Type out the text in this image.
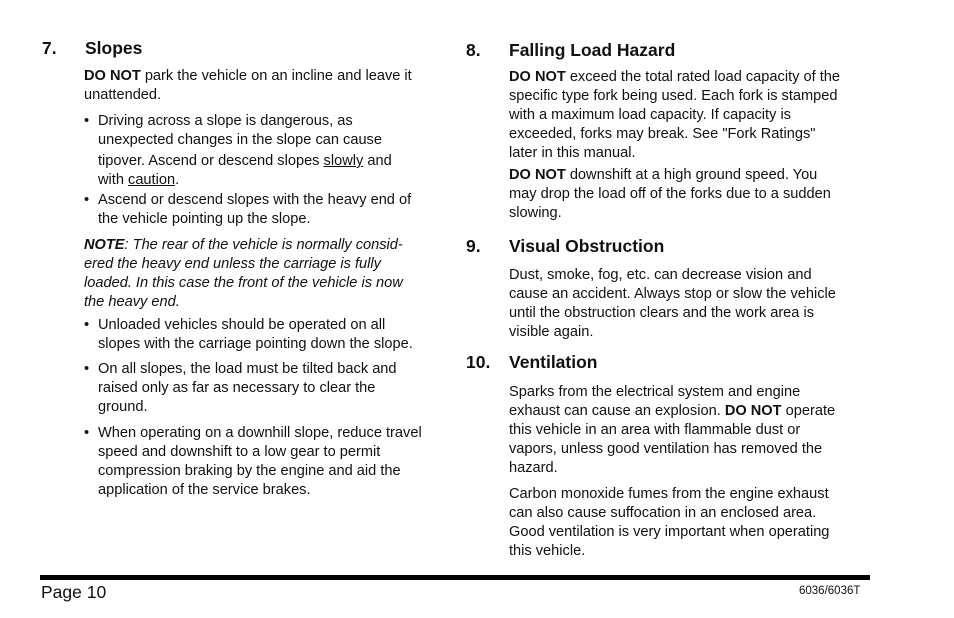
7. Slopes
DO NOT park the vehicle on an incline and leave it
unattended.
• Driving across a slope is dangerous, as
unexpected changes in the slope can cause
tipover. Ascend or descend slopes slowly and
with caution.
• Ascend or descend slopes with the heavy end of
the vehicle pointing up the slope.
NOTE: The rear of the vehicle is normally consid-
ered the heavy end unless the carriage is fully
loaded. In this case the front of the vehicle is now
the heavy end.
• Unloaded vehicles should be operated on all
slopes with the carriage pointing down the slope.
• On all slopes, the load must be tilted back and
raised only as far as necessary to clear the
ground.
• When operating on a downhill slope, reduce travel
speed and downshift to a low gear to permit
compression braking by the engine and aid the
application of the service brakes.
8. Falling Load Hazard
DO NOT exceed the total rated load capacity of the
specific type fork being used. Each fork is stamped
with a maximum load capacity. If capacity is
exceeded, forks may break. See "Fork Ratings"
later in this manual.
DO NOT downshift at a high ground speed. You
may drop the load off of the forks due to a sudden
slowing.
9. Visual Obstruction
Dust, smoke, fog, etc. can decrease vision and
cause an accident. Always stop or slow the vehicle
until the obstruction clears and the work area is
visible again.
10. Ventilation
Sparks from the electrical system and engine
exhaust can cause an explosion. DO NOT operate
this vehicle in an area with flammable dust or
vapors, unless good ventilation has removed the
hazard.
Carbon monoxide fumes from the engine exhaust
can also cause suffocation in an enclosed area.
Good ventilation is very important when operating
this vehicle.
Page 10	6036/6036T
